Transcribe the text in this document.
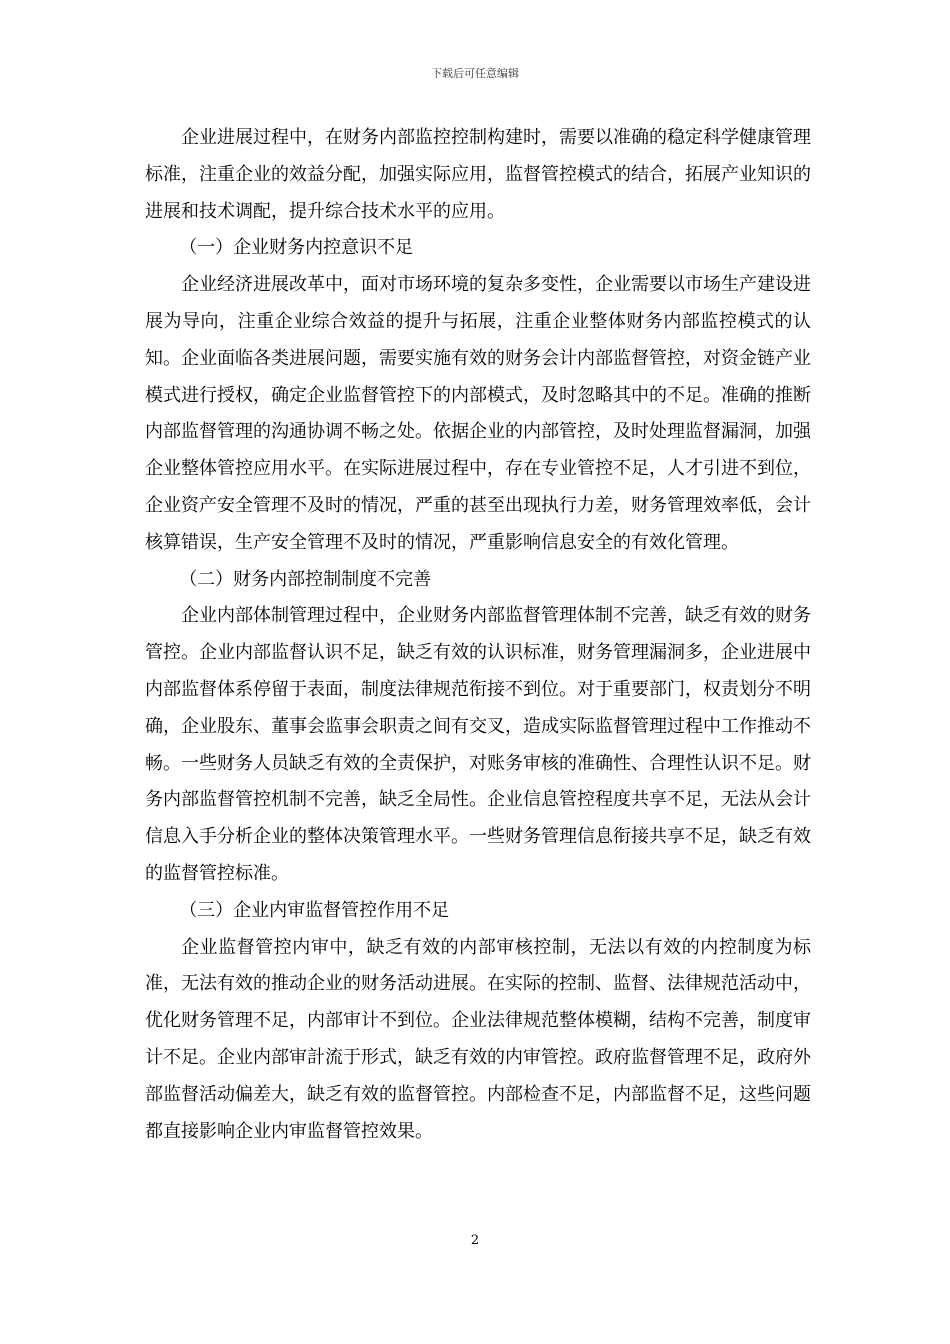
下载后可任意编辑

企业进展过程中，在财务内部监控控制构建时，需要以准确的稳定科学健康管理标准，注重企业的效益分配，加强实际应用，监督管控模式的结合，拓展产业知识的进展和技术调配，提升综合技术水平的应用。

（一）企业财务内控意识不足

企业经济进展改革中，面对市场环境的复杂多变性，企业需要以市场生产建设进展为导向，注重企业综合效益的提升与拓展，注重企业整体财务内部监控模式的认知。企业面临各类进展问题，需要实施有效的财务会计内部监督管控，对资金链产业模式进行授权，确定企业监督管控下的内部模式，及时忽略其中的不足。准确的推断内部监督管理的沟通协调不畅之处。依据企业的内部管控，及时处理监督漏洞，加强企业整体管控应用水平。在实际进展过程中，存在专业管控不足，人才引进不到位，企业资产安全管理不及时的情况，严重的甚至出现执行力差，财务管理效率低，会计核算错误，生产安全管理不及时的情况，严重影响信息安全的有效化管理。

（二）财务内部控制制度不完善

企业内部体制管理过程中，企业财务内部监督管理体制不完善，缺乏有效的财务管控。企业内部监督认识不足，缺乏有效的认识标准，财务管理漏洞多，企业进展中内部监督体系停留于表面，制度法律规范衔接不到位。对于重要部门，权责划分不明确，企业股东、董事会监事会职责之间有交叉，造成实际监督管理过程中工作推动不畅。一些财务人员缺乏有效的全责保护，对账务审核的准确性、合理性认识不足。财务内部监督管控机制不完善，缺乏全局性。企业信息管控程度共享不足，无法从会计信息入手分析企业的整体决策管理水平。一些财务管理信息衔接共享不足，缺乏有效的监督管控标准。

（三）企业内审监督管控作用不足

企业监督管控内审中，缺乏有效的内部审核控制，无法以有效的内控制度为标准，无法有效的推动企业的财务活动进展。在实际的控制、监督、法律规范活动中，优化财务管理不足，内部审计不到位。企业法律规范整体模糊，结构不完善，制度审计不足。企业内部审計流于形式，缺乏有效的内审管控。政府监督管理不足，政府外部监督活动偏差大，缺乏有效的监督管控。内部检查不足，内部监督不足，这些问题都直接影响企业内审监督管控效果。

2
